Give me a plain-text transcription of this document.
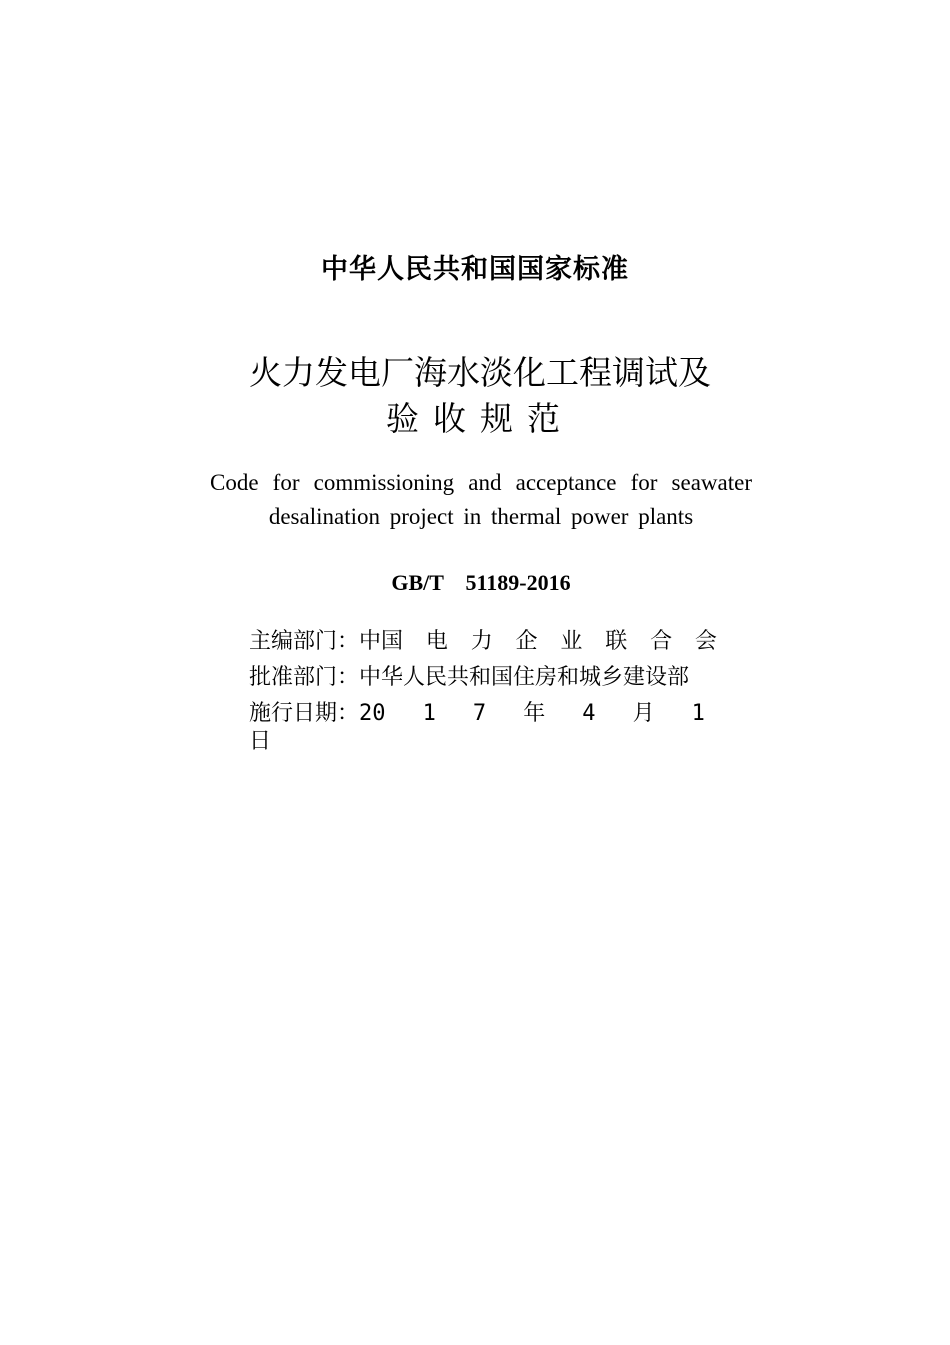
中华人民共和国国家标准
火力发电厂海水淡化工程调试及
验收规范
Code for commissioning and acceptance for seawater
desalination project in thermal power plants
GB/T    51189-2016
主编部门： 中国 电 力 企 业 联 合 会
批准部门： 中华人民共和国住房和城乡建设部
施行日期： 20 1 7 年 4 月 1
日
